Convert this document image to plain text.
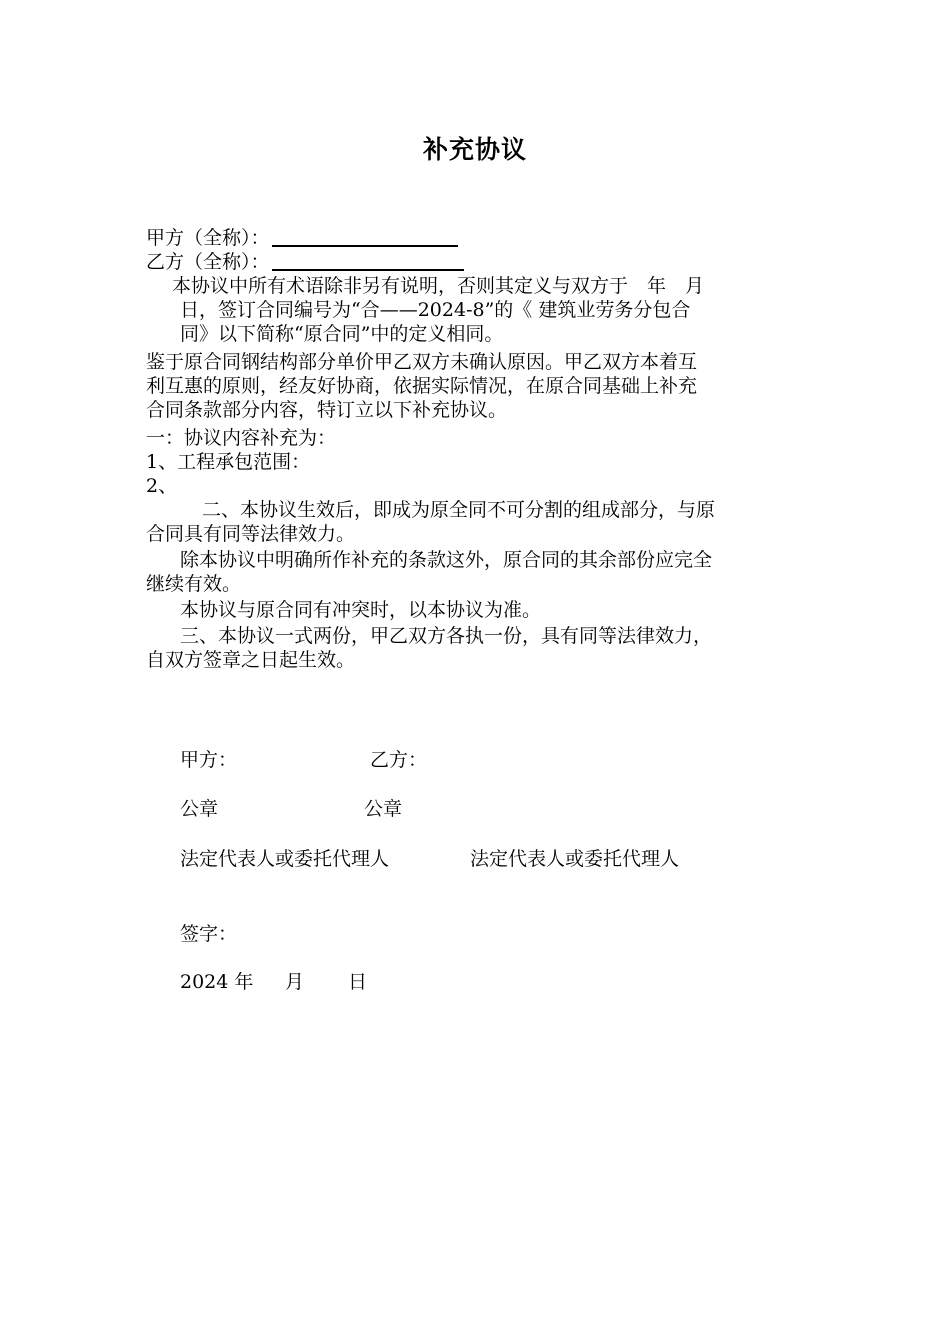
补充协议
甲方（全称）：
乙方（全称）：
本协议中所有术语除非另有说明，否则其定义与双方于　年　月
日，签订合同编号为“合——2024-8”的《 建筑业劳务分包合
同》以下简称“原合同”中的定义相同。
鉴于原合同钢结构部分单价甲乙双方未确认原因。甲乙双方本着互
利互惠的原则，经友好协商，依据实际情况，在原合同基础上补充
合同条款部分内容，特订立以下补充协议。
一：协议内容补充为：
1、工程承包范围：
2、
二、本协议生效后，即成为原全同不可分割的组成部分，与原
合同具有同等法律效力。
除本协议中明确所作补充的条款这外，原合同的其余部份应完全
继续有效。
本协议与原合同有冲突时，以本协议为准。
三、本协议一式两份，甲乙双方各执一份，具有同等法律效力，
自双方签章之日起生效。
甲方：	乙方：
公章	公章
法定代表人或委托代理人	法定代表人或委托代理人
签字：
2024 年 月 日
